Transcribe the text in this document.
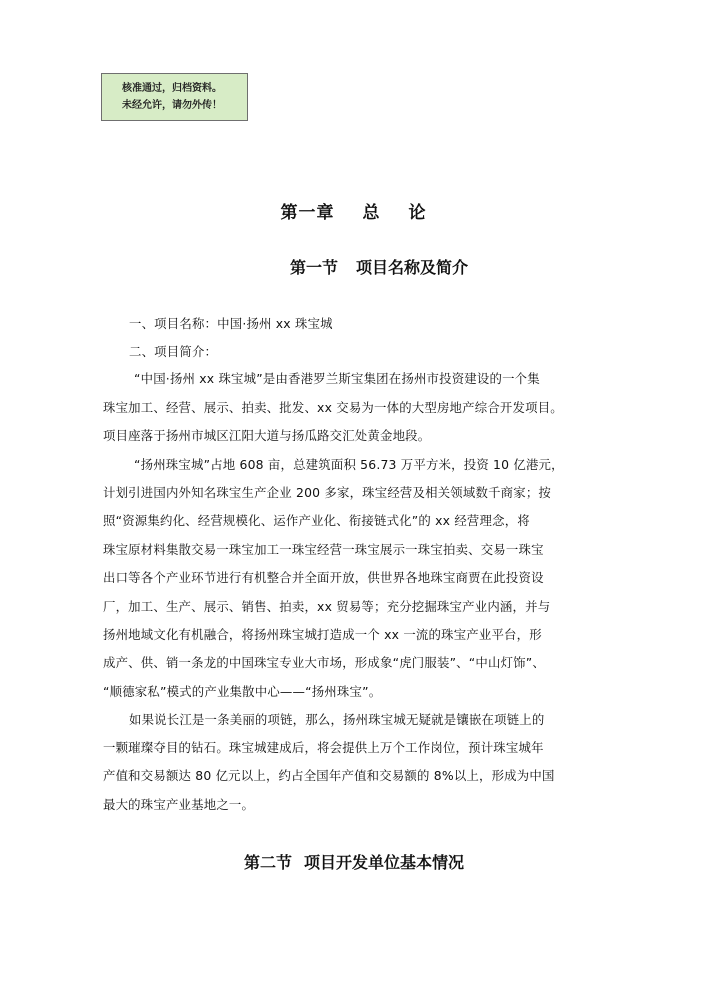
核准通过，归档资料。
未经允许，请勿外传！
第一章 总 论
第一节 项目名称及简介
一、项目名称：中国·扬州 xx 珠宝城
二、项目简介：
“中国·扬州 xx 珠宝城”是由香港罗兰斯宝集团在扬州市投资建设的一个集
珠宝加工、经营、展示、拍卖、批发、xx 交易为一体的大型房地产综合开发项目。
项目座落于扬州市城区江阳大道与扬瓜路交汇处黄金地段。
“扬州珠宝城”占地 608 亩，总建筑面积 56.73 万平方米，投资 10 亿港元，
计划引进国内外知名珠宝生产企业 200 多家，珠宝经营及相关领域数千商家；按
照“资源集约化、经营规模化、运作产业化、衔接链式化”的 xx 经营理念，将
珠宝原材料集散交易一珠宝加工一珠宝经营一珠宝展示一珠宝拍卖、交易一珠宝
出口等各个产业环节进行有机整合并全面开放，供世界各地珠宝商贾在此投资设
厂，加工、生产、展示、销售、拍卖，xx 贸易等；充分挖掘珠宝产业内涵，并与
扬州地域文化有机融合，将扬州珠宝城打造成一个 xx 一流的珠宝产业平台，形
成产、供、销一条龙的中国珠宝专业大市场，形成象“虎门服装”、“中山灯饰”、
“顺德家私”模式的产业集散中心——“扬州珠宝”。
如果说长江是一条美丽的项链，那么，扬州珠宝城无疑就是镶嵌在项链上的
一颗璀璨夺目的钻石。珠宝城建成后，将会提供上万个工作岗位，预计珠宝城年
产值和交易额达 80 亿元以上，约占全国年产值和交易额的 8%以上，形成为中国
最大的珠宝产业基地之一。
第二节 项目开发单位基本情况
